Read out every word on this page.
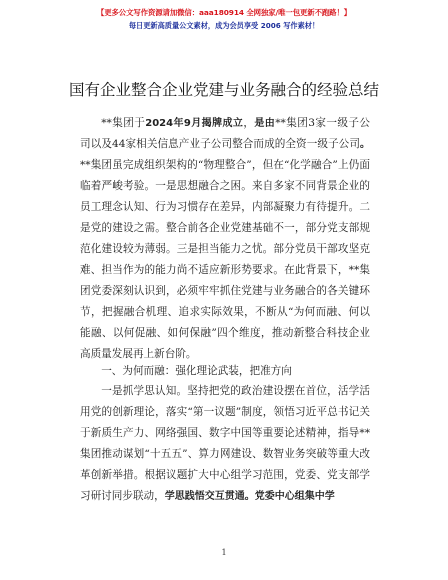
【更多公文写作资源请加微信：aaa180914 全网独家/唯一包更新不跑路！】
每日更新高质量公文素材，成为会员享受 2006 写作素材！
国有企业整合企业党建与业务融合的经验总结

**集团于2024年9月揭牌成立，是由**集团3家一级子公司以及44家相关信息产业子公司整合而成的全资一级子公司。**集团虽完成组织架构的“物理整合”，但在“化学融合”上仍面临着严峻考验。一是思想融合之困。来自多家不同背景企业的员工理念认知、行为习惯存在差异，内部凝聚力有待提升。二是党的建设之需。整合前各企业党建基础不一，部分党支部规范化建设较为薄弱。三是担当能力之忧。部分党员干部攻坚克难、担当作为的能力尚不适应新形势要求。在此背景下，**集团党委深刻认识到，必须牢牢抓住党建与业务融合的各关键环节，把握融合机理、追求实际效果，不断从“为何而融、何以能融、以何促融、如何保融”四个维度，推动新整合科技企业高质量发展再上新台阶。

一、为何而融：强化理论武装，把准方向

一是抓学思认知。坚持把党的政治建设摆在首位，活学活用党的创新理论，落实“第一议题”制度，领悟习近平总书记关于新质生产力、网络强国、数字中国等重要论述精神，指导**集团推动谋划“十五五”、算力网建设、数智业务突破等重大改革创新举措。根据议题扩大中心组学习范围，党委、党支部学习研讨同步联动，学思践悟交互贯通。党委中心组集中学

1
